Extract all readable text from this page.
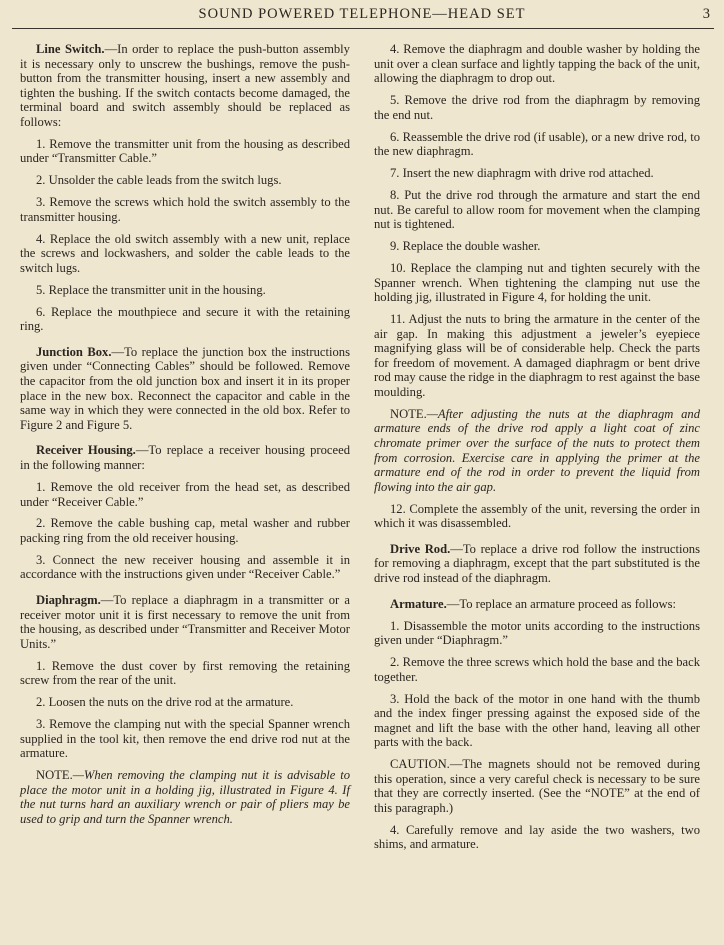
SOUND POWERED TELEPHONE—HEAD SET	3

Line Switch.—In order to replace the push-button assembly it is necessary only to unscrew the bushings, remove the push-button from the transmitter housing, insert a new assembly and tighten the bushing. If the switch contacts become damaged, the terminal board and switch assembly should be replaced as follows:

1. Remove the transmitter unit from the housing as described under “Transmitter Cable.”

2. Unsolder the cable leads from the switch lugs.

3. Remove the screws which hold the switch assembly to the transmitter housing.

4. Replace the old switch assembly with a new unit, replace the screws and lockwashers, and solder the cable leads to the switch lugs.

5. Replace the transmitter unit in the housing.

6. Replace the mouthpiece and secure it with the retaining ring.

Junction Box.—To replace the junction box the instructions given under “Connecting Cables” should be followed. Remove the capacitor from the old junction box and insert it in its proper place in the new box. Reconnect the capacitor and cable in the same way in which they were connected in the old box. Refer to Figure 2 and Figure 5.

Receiver Housing.—To replace a receiver housing proceed in the following manner:

1. Remove the old receiver from the head set, as described under “Receiver Cable.”

2. Remove the cable bushing cap, metal washer and rubber packing ring from the old receiver housing.

3. Connect the new receiver housing and assemble it in accordance with the instructions given under “Receiver Cable.”

Diaphragm.—To replace a diaphragm in a transmitter or a receiver motor unit it is first necessary to remove the unit from the housing, as described under “Transmitter and Receiver Motor Units.”

1. Remove the dust cover by first removing the retaining screw from the rear of the unit.

2. Loosen the nuts on the drive rod at the armature.

3. Remove the clamping nut with the special Spanner wrench supplied in the tool kit, then remove the end drive rod nut at the armature.

NOTE.—When removing the clamping nut it is advisable to place the motor unit in a holding jig, illustrated in Figure 4. If the nut turns hard an auxiliary wrench or pair of pliers may be used to grip and turn the Spanner wrench.

4. Remove the diaphragm and double washer by holding the unit over a clean surface and lightly tapping the back of the unit, allowing the diaphragm to drop out.

5. Remove the drive rod from the diaphragm by removing the end nut.

6. Reassemble the drive rod (if usable), or a new drive rod, to the new diaphragm.

7. Insert the new diaphragm with drive rod attached.

8. Put the drive rod through the armature and start the end nut. Be careful to allow room for movement when the clamping nut is tightened.

9. Replace the double washer.

10. Replace the clamping nut and tighten securely with the Spanner wrench. When tightening the clamping nut use the holding jig, illustrated in Figure 4, for holding the unit.

11. Adjust the nuts to bring the armature in the center of the air gap. In making this adjustment a jeweler’s eyepiece magnifying glass will be of considerable help. Check the parts for freedom of movement. A damaged diaphragm or bent drive rod may cause the ridge in the diaphragm to rest against the base moulding.

NOTE.—After adjusting the nuts at the diaphragm and armature ends of the drive rod apply a light coat of zinc chromate primer over the surface of the nuts to protect them from corrosion. Exercise care in applying the primer at the armature end of the rod in order to prevent the liquid from flowing into the air gap.

12. Complete the assembly of the unit, reversing the order in which it was disassembled.

Drive Rod.—To replace a drive rod follow the instructions for removing a diaphragm, except that the part substituted is the drive rod instead of the diaphragm.

Armature.—To replace an armature proceed as follows:

1. Disassemble the motor units according to the instructions given under “Diaphragm.”

2. Remove the three screws which hold the base and the back together.

3. Hold the back of the motor in one hand with the thumb and the index finger pressing against the exposed side of the magnet and lift the base with the other hand, leaving all other parts with the back.

CAUTION.—The magnets should not be removed during this operation, since a very careful check is necessary to be sure that they are correctly inserted. (See the “NOTE” at the end of this paragraph.)

4. Carefully remove and lay aside the two washers, two shims, and armature.
